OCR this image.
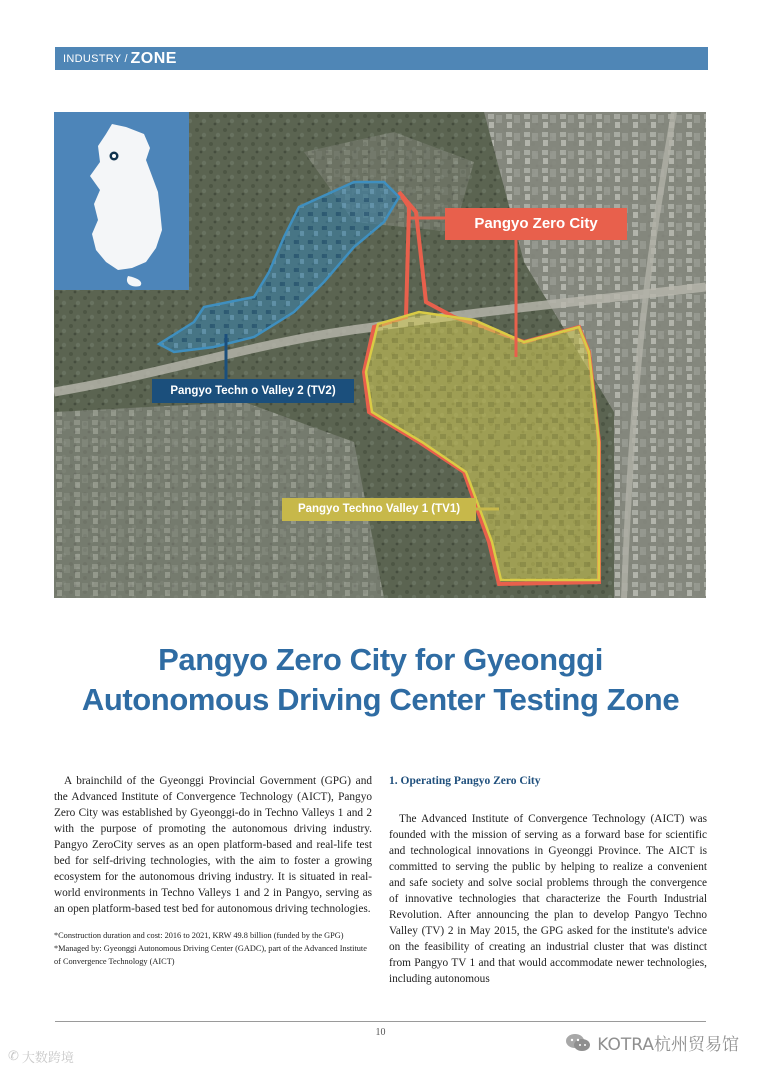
INDUSTRY / ZONE
Pangyo Zero City
Pangyo Techn o Valley 2 (TV2)
Pangyo Techno Valley 1 (TV1)
Pangyo Zero City for Gyeonggi
Autonomous Driving Center Testing Zone

A brainchild of the Gyeonggi Provincial Government (GPG) and the Advanced Institute of Convergence Technology (AICT), Pangyo Zero City was established by Gyeonggi-do in Techno Valleys 1 and 2 with the purpose of promoting the autonomous driving industry. Pangyo ZeroCity serves as an open platform-based and real-life test bed for self-driving technologies, with the aim to foster a growing ecosystem for the autonomous driving industry. It is situated in real-world environments in Techno Valleys 1 and 2 in Pangyo, serving as an open platform-based test bed for autonomous driving technologies.

*Construction duration and cost: 2016 to 2021, KRW 49.8 billion (funded by the GPG)
*Managed by: Gyeonggi Autonomous Driving Center (GADC), part of the Advanced Institute of Convergence Technology (AICT)

1. Operating Pangyo Zero City

The Advanced Institute of Convergence Technology (AICT) was founded with the mission of serving as a forward base for scientific and technological innovations in Gyeonggi Province. The AICT is committed to serving the public by helping to realize a convenient and safe society and solve social problems through the convergence of innovative technologies that characterize the Fourth Industrial Revolution. After announcing the plan to develop Pangyo Techno Valley (TV) 2 in May 2015, the GPG asked for the institute's advice on the feasibility of creating an industrial cluster that was distinct from Pangyo TV 1 and that would accommodate newer technologies, including autonomous

10
✆ 大数跨境
KOTRA杭州贸易馆
